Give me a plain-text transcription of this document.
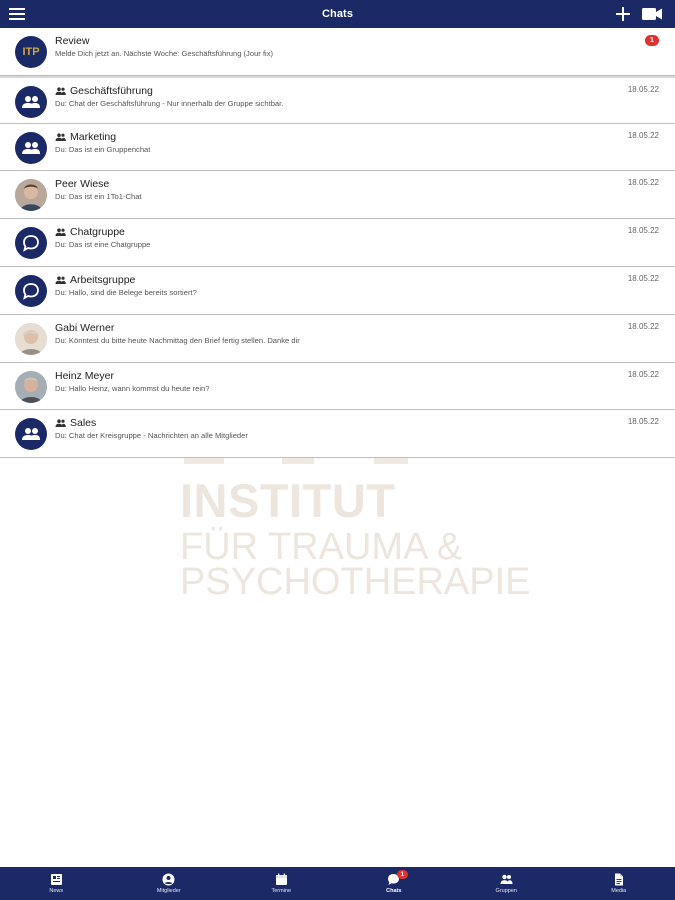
Chats
INSTITUT
FÜR TRAUMA &
PSYCHOTHERAPIE
ITP
Review
Melde Dich jetzt an. Nächste Woche: Geschäftsführung (Jour fix)
1
Geschäftsführung
Du: Chat der Geschäftsführung - Nur innerhalb der Gruppe sichtbar.
18.05.22
Marketing
Du: Das ist ein Gruppenchat
18.05.22
Peer Wiese
Du: Das ist ein 1To1-Chat
18.05.22
Chatgruppe
Du: Das ist eine Chatgruppe
18.05.22
Arbeitsgruppe
Du: Hallo, sind die Belege bereits sortiert?
18.05.22
Gabi Werner
Du: Könntest du bitte heute Nachmittag den Brief fertig stellen. Danke dir
18.05.22
Heinz Meyer
Du: Hallo Heinz, wann kommst du heute rein?
18.05.22
Sales
Du: Chat der Kreisgruppe - Nachrichten an alle Mitglieder
18.05.22
News	Mitglieder	Termine
1
Chats	Gruppen	Media
